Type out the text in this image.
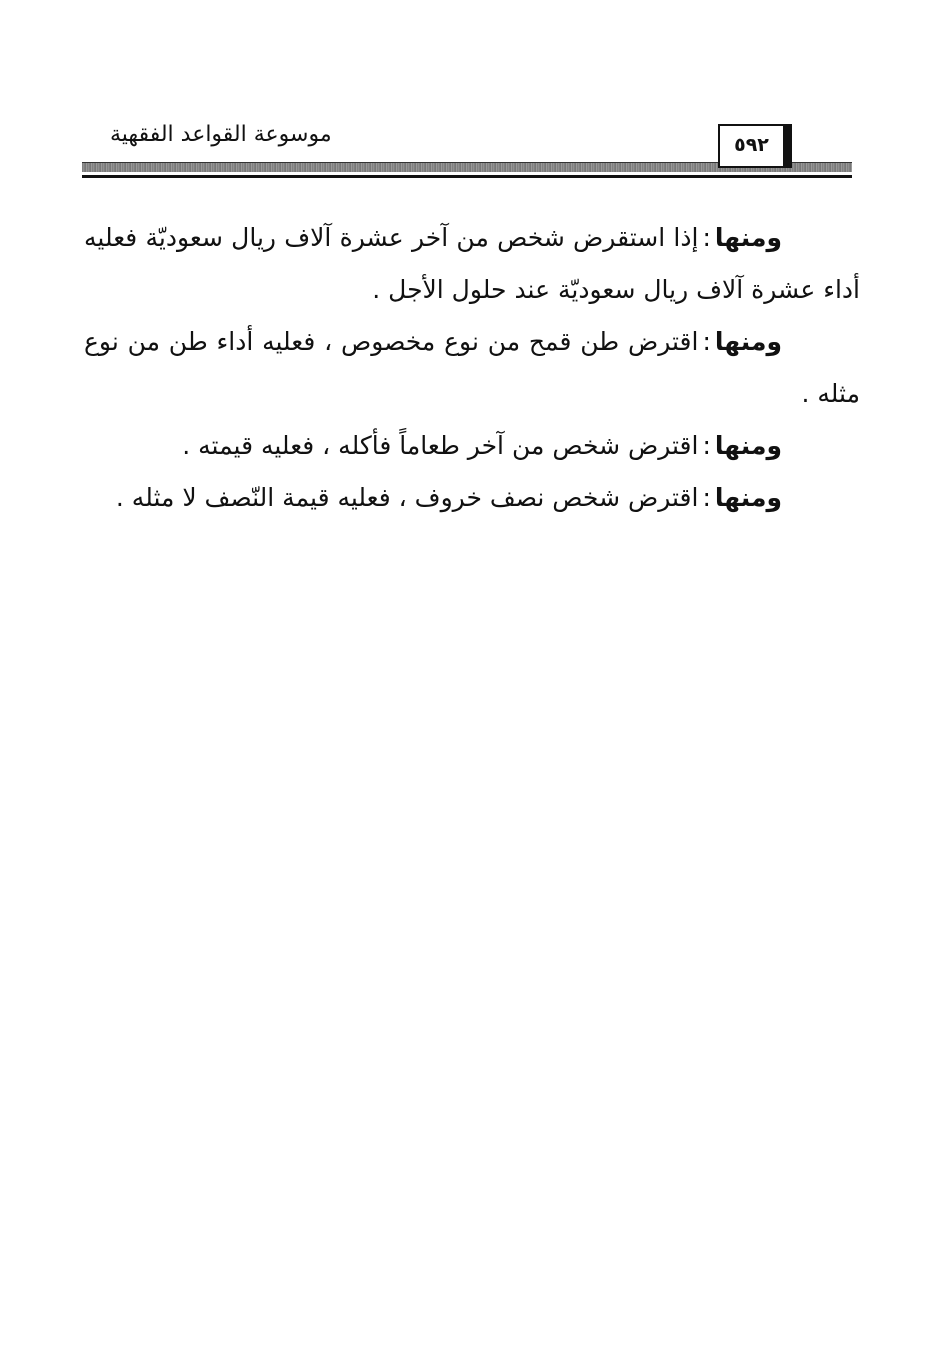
موسوعة القواعد الفقهية	٥٩٢

ومنها:إذا استقرض شخص من آخر عشرة آلاف ريال سعوديّة فعليه أداء عشرة آلاف ريال سعوديّة عند حلول الأجل .

ومنها:اقترض طن قمح من نوع مخصوص ، فعليه أداء طن من نوع مثله .

ومنها:اقترض شخص من آخر طعاماً فأكله ، فعليه قيمته .

ومنها:اقترض شخص نصف خروف ، فعليه قيمة النّصف لا مثله .
